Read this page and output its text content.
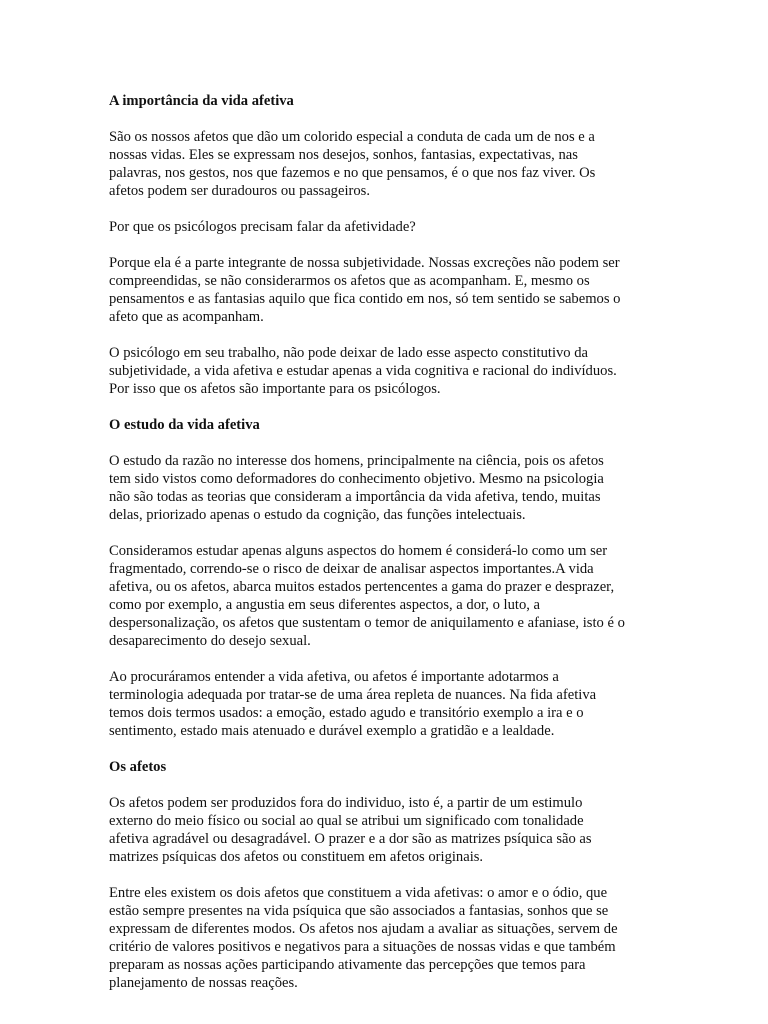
A importância da vida afetiva
São os nossos afetos que dão um colorido especial a conduta de cada um de nos e a
nossas vidas. Eles se expressam nos desejos, sonhos, fantasias, expectativas, nas
palavras, nos gestos, nos que fazemos e no que pensamos, é o que nos faz viver. Os
afetos podem ser duradouros ou passageiros.
Por que os psicólogos precisam falar da afetividade?
Porque ela é a parte integrante de nossa subjetividade. Nossas excreções não podem ser
compreendidas, se não considerarmos os afetos que as acompanham. E, mesmo os
pensamentos e as fantasias aquilo que fica contido em nos, só tem sentido se sabemos o
afeto que as acompanham.
O psicólogo em seu trabalho, não pode deixar de lado esse aspecto constitutivo da
subjetividade, a vida afetiva e estudar apenas a vida cognitiva e racional do indivíduos.
Por isso que os afetos são importante para os psicólogos.
O estudo da vida afetiva
O estudo da razão no interesse dos homens, principalmente na ciência, pois os afetos
tem sido vistos como deformadores do conhecimento objetivo. Mesmo na psicologia
não são todas as teorias que consideram a importância da vida afetiva, tendo, muitas
delas, priorizado apenas o estudo da cognição, das funções intelectuais.
Consideramos estudar apenas alguns aspectos do homem é considerá-lo como um ser
fragmentado, correndo-se o risco de deixar de analisar aspectos importantes.A vida
afetiva, ou os afetos, abarca muitos estados pertencentes a gama do prazer e desprazer,
como por exemplo, a angustia em seus diferentes aspectos, a dor, o luto, a
despersonalização, os afetos que sustentam o temor de aniquilamento e afaniase, isto é o
desaparecimento do desejo sexual.
Ao procuráramos entender a vida afetiva, ou afetos é importante adotarmos a
terminologia adequada por tratar-se de uma área repleta de nuances. Na fida afetiva
temos dois termos usados: a emoção, estado agudo e transitório exemplo a ira e o
sentimento, estado mais atenuado e durável exemplo a gratidão e a lealdade.
Os afetos
Os afetos podem ser produzidos fora do individuo, isto é, a partir de um estimulo
externo do meio físico ou social ao qual se atribui um significado com tonalidade
afetiva agradável ou desagradável. O prazer e a dor são as matrizes psíquica são as
matrizes psíquicas dos afetos ou constituem em afetos originais.
Entre eles existem os dois afetos que constituem a vida afetivas: o amor e o ódio, que
estão sempre presentes na vida psíquica que são associados a fantasias, sonhos que se
expressam de diferentes modos. Os afetos nos ajudam a avaliar as situações, servem de
critério de valores positivos e negativos para a situações de nossas vidas e que também
preparam as nossas ações participando ativamente das percepções que temos para
planejamento de nossas reações.
